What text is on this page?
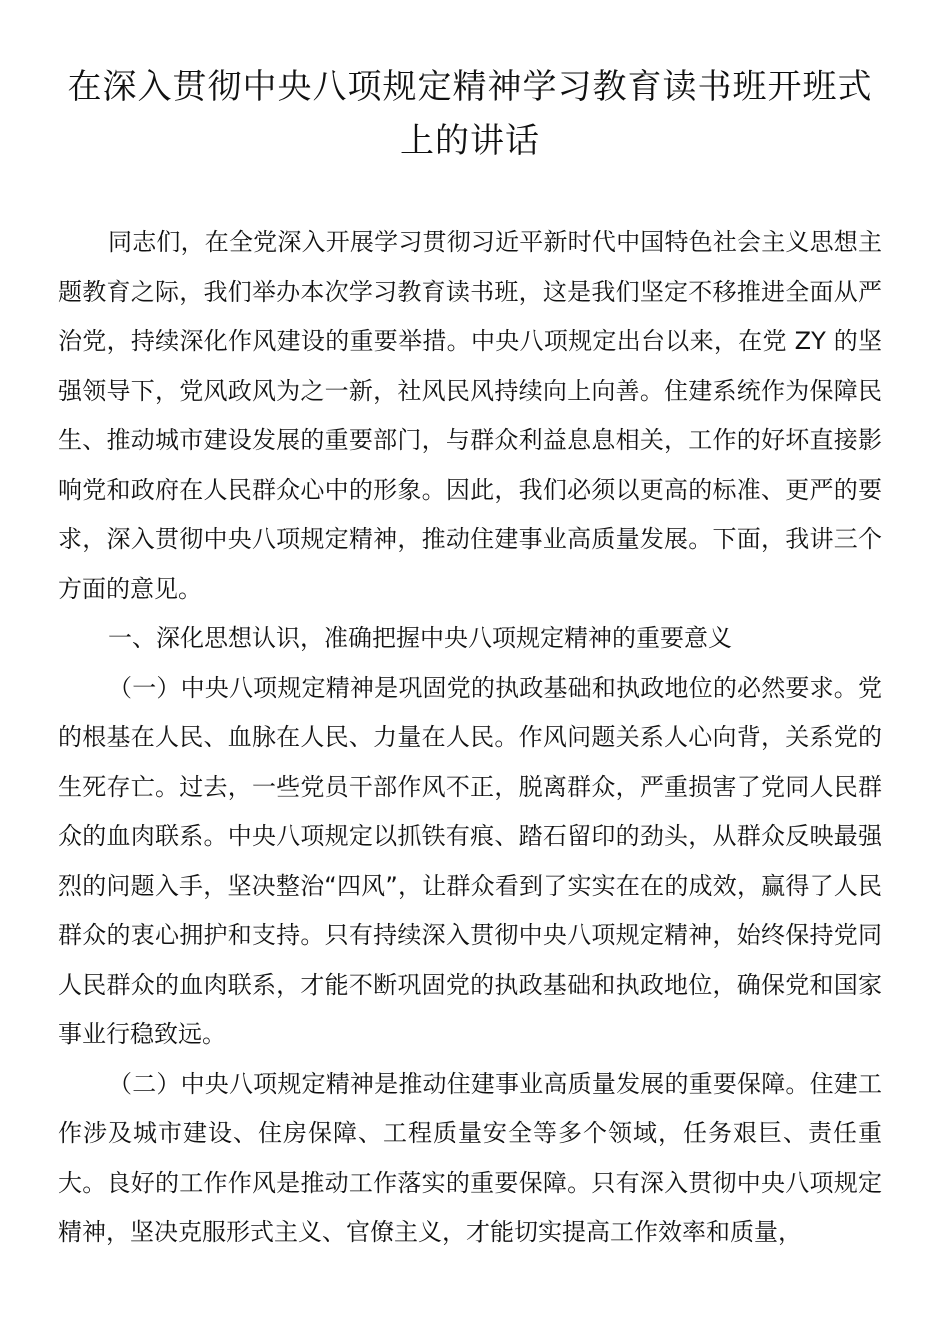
在深入贯彻中央八项规定精神学习教育读书班开班式上的讲话

同志们，在全党深入开展学习贯彻习近平新时代中国特色社会主义思想主题教育之际，我们举办本次学习教育读书班，这是我们坚定不移推进全面从严治党，持续深化作风建设的重要举措。中央八项规定出台以来，在党 ZY 的坚强领导下，党风政风为之一新，社风民风持续向上向善。住建系统作为保障民生、推动城市建设发展的重要部门，与群众利益息息相关，工作的好坏直接影响党和政府在人民群众心中的形象。因此，我们必须以更高的标准、更严的要求，深入贯彻中央八项规定精神，推动住建事业高质量发展。下面，我讲三个方面的意见。

一、深化思想认识，准确把握中央八项规定精神的重要意义

（一）中央八项规定精神是巩固党的执政基础和执政地位的必然要求。党的根基在人民、血脉在人民、力量在人民。作风问题关系人心向背，关系党的生死存亡。过去，一些党员干部作风不正，脱离群众，严重损害了党同人民群众的血肉联系。中央八项规定以抓铁有痕、踏石留印的劲头，从群众反映最强烈的问题入手，坚决整治“四风”，让群众看到了实实在在的成效，赢得了人民群众的衷心拥护和支持。只有持续深入贯彻中央八项规定精神，始终保持党同人民群众的血肉联系，才能不断巩固党的执政基础和执政地位，确保党和国家事业行稳致远。

（二）中央八项规定精神是推动住建事业高质量发展的重要保障。住建工作涉及城市建设、住房保障、工程质量安全等多个领域，任务艰巨、责任重大。良好的工作作风是推动工作落实的重要保障。只有深入贯彻中央八项规定精神，坚决克服形式主义、官僚主义，才能切实提高工作效率和质量，
